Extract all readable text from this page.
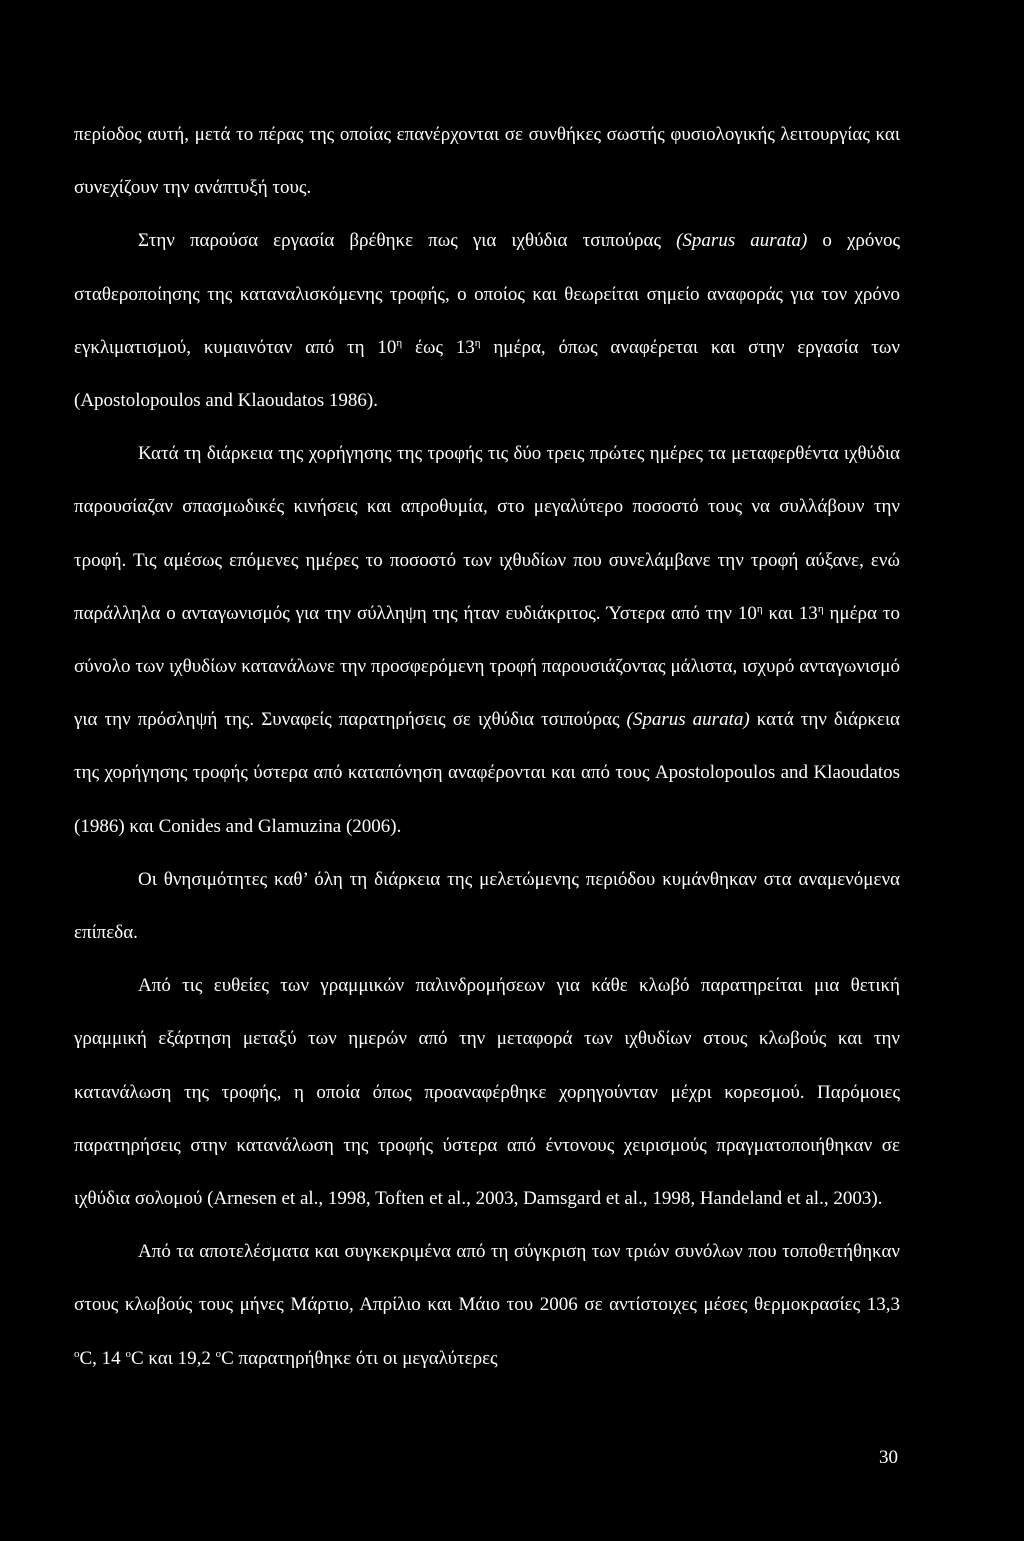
περίοδος αυτή, μετά το πέρας της οποίας επανέρχονται σε συνθήκες σωστής φυσιολογικής λειτουργίας και συνεχίζουν την ανάπτυξή τους.

Στην παρούσα εργασία βρέθηκε πως για ιχθύδια τσιπούρας (Sparus aurata) ο χρόνος σταθεροποίησης της καταναλισκόμενης τροφής, ο οποίος και θεωρείται σημείο αναφοράς για τον χρόνο εγκλιματισμού, κυμαινόταν από τη $10^\eta$ έως $13^\eta$ ημέρα, όπως αναφέρεται και στην εργασία των (Apostolopoulos and Klaoudatos 1986).

Κατά τη διάρκεια της χορήγησης της τροφής τις δύο τρεις πρώτες ημέρες τα μεταφερθέντα ιχθύδια παρουσίαζαν σπασμωδικές κινήσεις και απροθυμία, στο μεγαλύτερο ποσοστό τους να συλλάβουν την τροφή. Τις αμέσως επόμενες ημέρες το ποσοστό των ιχθυδίων που συνελάμβανε την τροφή αύξανε, ενώ παράλληλα ο ανταγωνισμός για την σύλληψη της ήταν ευδιάκριτος. Ύστερα από την $10^\eta$ και $13^\eta$ ημέρα το σύνολο των ιχθυδίων κατανάλωνε την προσφερόμενη τροφή παρουσιάζοντας μάλιστα, ισχυρό ανταγωνισμό για την πρόσληψή της. Συναφείς παρατηρήσεις σε ιχθύδια τσιπούρας (Sparus aurata) κατά την διάρκεια της χορήγησης τροφής ύστερα από καταπόνηση αναφέρονται και από τους Apostolopoulos and Klaoudatos (1986) και Conides and Glamuzina (2006).

Οι θνησιμότητες καθ’ όλη τη διάρκεια της μελετώμενης περιόδου κυμάνθηκαν στα αναμενόμενα επίπεδα.

Από τις ευθείες των γραμμικών παλινδρομήσεων για κάθε κλωβό παρατηρείται μια θετική γραμμική εξάρτηση μεταξύ των ημερών από την μεταφορά των ιχθυδίων στους κλωβούς και την κατανάλωση της τροφής, η οποία όπως προαναφέρθηκε χορηγούνταν μέχρι κορεσμού. Παρόμοιες παρατηρήσεις στην κατανάλωση της τροφής ύστερα από έντονους χειρισμούς πραγματοποιήθηκαν σε ιχθύδια σολομού (Arnesen et al., 1998, Toften et al., 2003, Damsgard et al., 1998, Handeland et al., 2003).

Από τα αποτελέσματα και συγκεκριμένα από τη σύγκριση των τριών συνόλων που τοποθετήθηκαν στους κλωβούς τους μήνες Μάρτιο, Απρίλιο και Μάιο του 2006 σε αντίστοιχες μέσες θερμοκρασίες 13,3 $^o$C, 14 $^o$C και 19,2 $^o$C παρατηρήθηκε ότι οι μεγαλύτερες

30
